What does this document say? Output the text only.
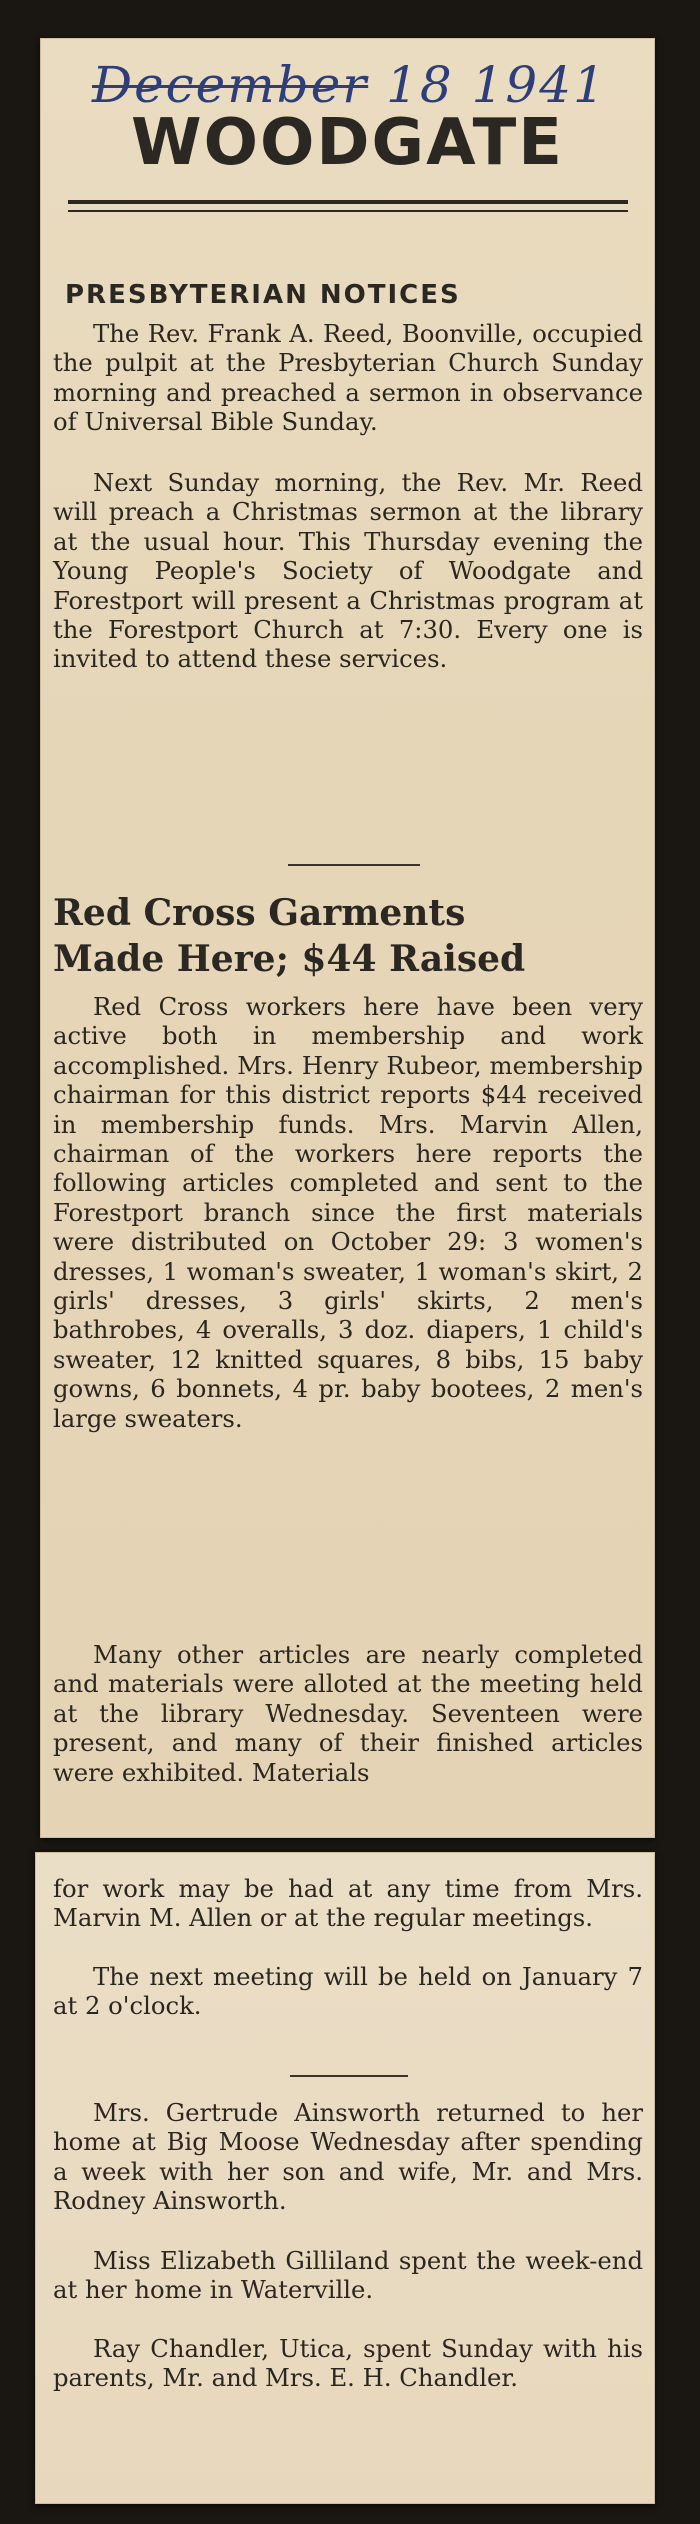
December 18 1941
WOODGATE
PRESBYTERIAN NOTICES

The Rev. Frank A. Reed, Boonville, occupied the pulpit at the Presbyterian Church Sunday morning and preached a sermon in observance of Universal Bible Sunday.

Next Sunday morning, the Rev. Mr. Reed will preach a Christmas sermon at the library at the usual hour. This Thursday evening the Young People's Society of Woodgate and Forestport will present a Christmas program at the Forestport Church at 7:30. Every one is invited to attend these services.

Red Cross Garments
Made Here; $44 Raised

Red Cross workers here have been very active both in membership and work accomplished. Mrs. Henry Rubeor, membership chairman for this district reports $44 received in membership funds. Mrs. Marvin Allen, chairman of the workers here reports the following articles completed and sent to the Forestport branch since the first materials were distributed on October 29: 3 women's dresses, 1 woman's sweater, 1 woman's skirt, 2 girls' dresses, 3 girls' skirts, 2 men's bathrobes, 4 overalls, 3 doz. diapers, 1 child's sweater, 12 knitted squares, 8 bibs, 15 baby gowns, 6 bonnets, 4 pr. baby bootees, 2 men's large sweaters.

Many other articles are nearly completed and materials were alloted at the meeting held at the library Wednesday. Seventeen were present, and many of their finished articles were exhibited. Materials

for work may be had at any time from Mrs. Marvin M. Allen or at the regular meetings.

The next meeting will be held on January 7 at 2 o'clock.

Mrs. Gertrude Ainsworth returned to her home at Big Moose Wednesday after spending a week with her son and wife, Mr. and Mrs. Rodney Ainsworth.

Miss Elizabeth Gilliland spent the week-end at her home in Waterville.

Ray Chandler, Utica, spent Sunday with his parents, Mr. and Mrs. E. H. Chandler.
